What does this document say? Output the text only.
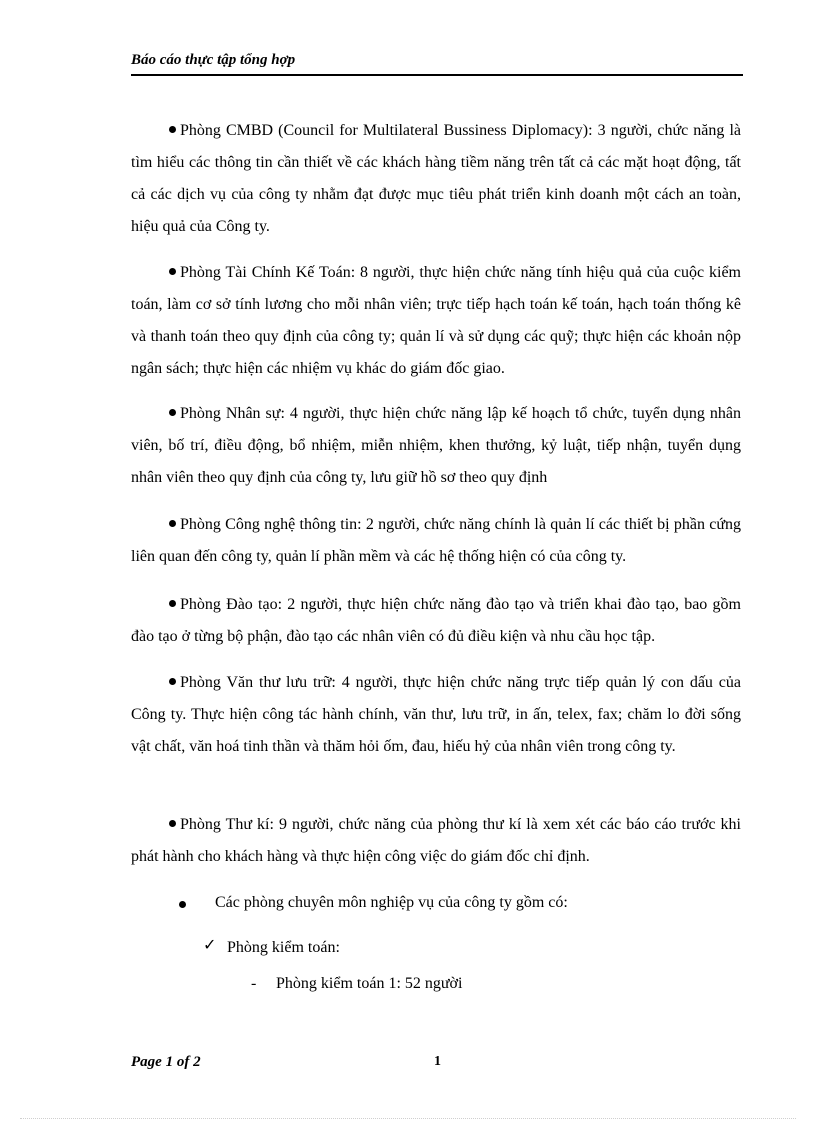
Báo cáo thực tập tổng hợp
Phòng CMBD (Council for Multilateral Bussiness Diplomacy): 3 người, chức năng là tìm hiểu các thông tin cần thiết về các khách hàng tiềm năng trên tất cả các mặt hoạt động, tất cả các dịch vụ của công ty nhằm đạt được mục tiêu phát triển kinh doanh một cách an toàn, hiệu quả của Công ty.
Phòng Tài Chính Kế Toán: 8 người, thực hiện chức năng tính hiệu quả của cuộc kiểm toán, làm cơ sở tính lương cho mỗi nhân viên; trực tiếp hạch toán kế toán, hạch toán thống kê và thanh toán theo quy định của công ty; quản lí và sử dụng các quỹ; thực hiện các khoản nộp ngân sách; thực hiện các nhiệm vụ khác do giám đốc giao.
Phòng Nhân sự: 4 người, thực hiện chức năng lập kế hoạch tổ chức, tuyển dụng nhân viên, bố trí, điều động, bổ nhiệm, miễn nhiệm, khen thưởng, kỷ luật, tiếp nhận, tuyển dụng nhân viên theo quy định của công ty, lưu giữ hồ sơ theo quy định
Phòng Công nghệ thông tin: 2 người, chức năng chính là quản lí các thiết bị phần cứng liên quan đến công ty, quản lí phần mềm và các hệ thống hiện có của công ty.
Phòng Đào tạo: 2 người, thực hiện chức năng đào tạo và triển khai đào tạo, bao gồm đào tạo ở từng bộ phận, đào tạo các nhân viên có đủ điều kiện và nhu cầu học tập.
Phòng Văn thư lưu trữ: 4 người, thực hiện chức năng trực tiếp quản lý con dấu của Công ty. Thực hiện công tác hành chính, văn thư, lưu trữ, in ấn, telex, fax; chăm lo đời sống vật chất, văn hoá tinh thần và thăm hỏi ốm, đau, hiếu hỷ của nhân viên trong công ty.
Phòng Thư kí: 9 người, chức năng của phòng thư kí là xem xét các báo cáo trước khi phát hành cho khách hàng và thực hiện công việc do giám đốc chỉ định.
Các phòng chuyên môn nghiệp vụ của công ty gồm có:
✓ Phòng kiểm toán:
- Phòng kiểm toán 1: 52 người
Page 1 of 2	1
